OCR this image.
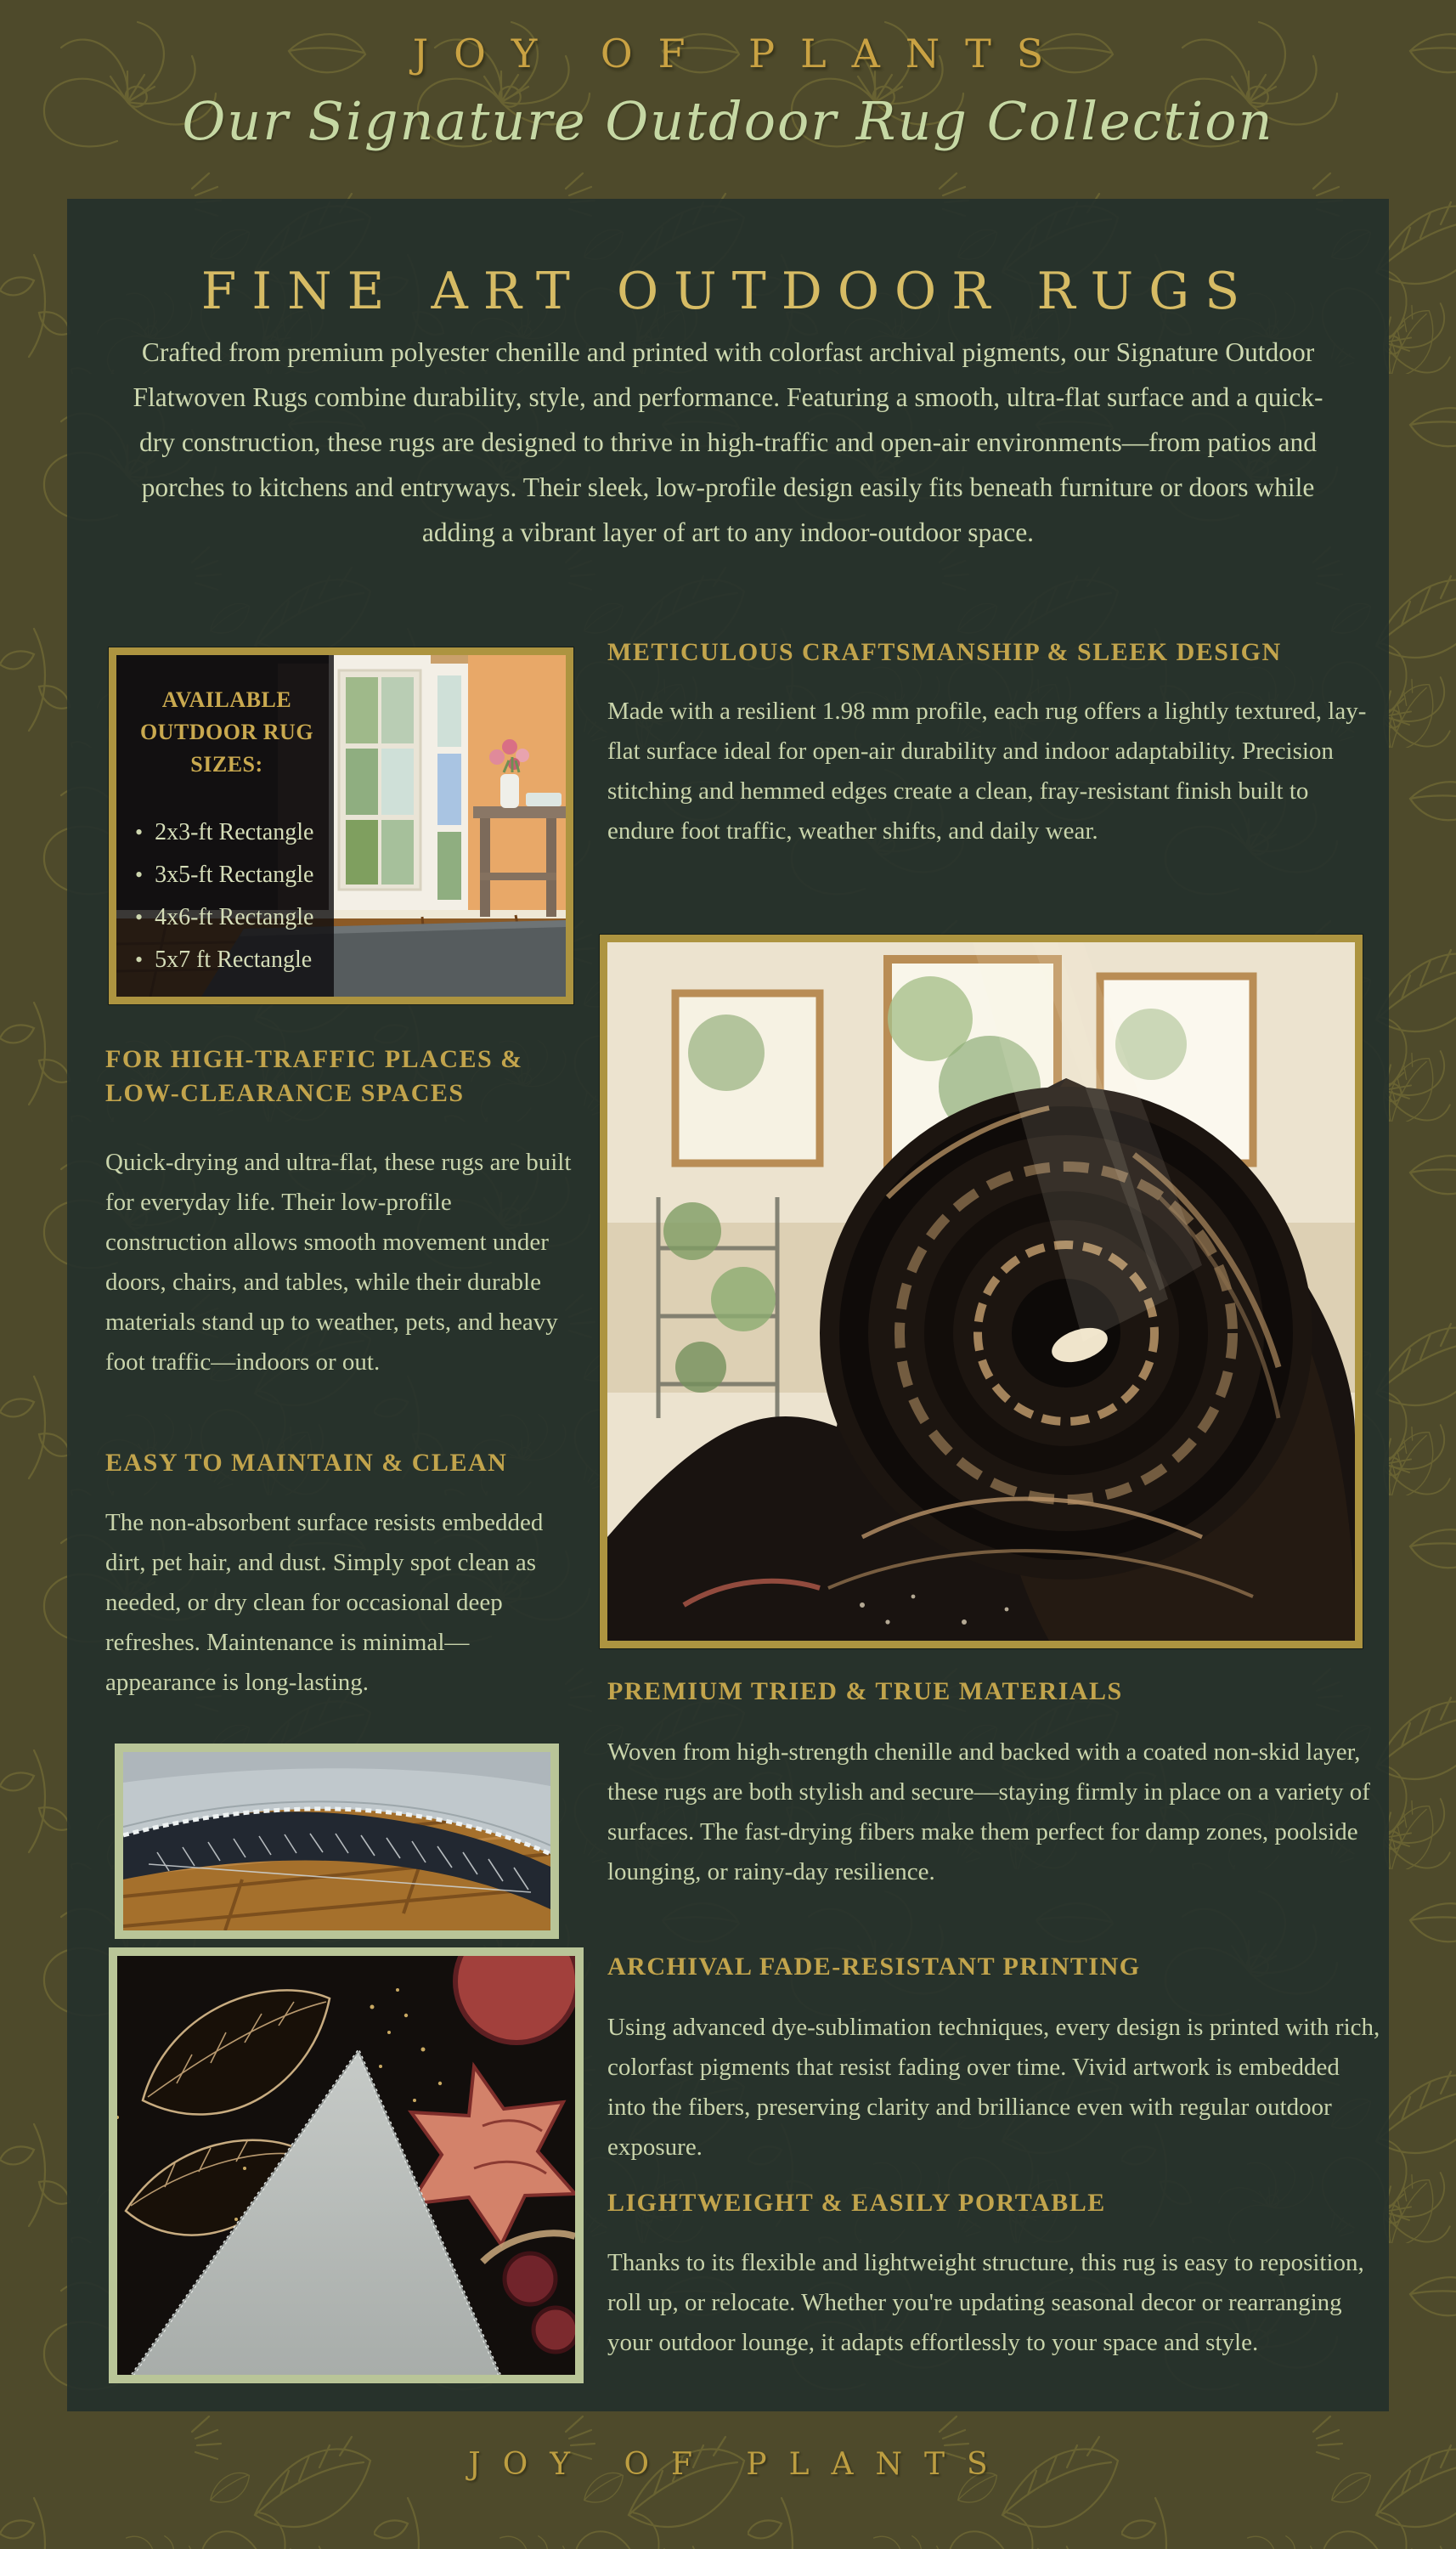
JOY OF PLANTS
Our Signature Outdoor Rug Collection
FINE ART OUTDOOR RUGS

Crafted from premium polyester chenille and printed with colorfast archival pigments, our Signature Outdoor Flatwoven Rugs combine durability, style, and performance. Featuring a smooth, ultra-flat surface and a quick-dry construction, these rugs are designed to thrive in high-traffic and open-air environments—from patios and porches to kitchens and entryways. Their sleek, low-profile design easily fits beneath furniture or doors while adding a vibrant layer of art to any indoor-outdoor space.

AVAILABLE OUTDOOR RUG SIZES:
• 2x3-ft Rectangle
• 3x5-ft Rectangle
• 4x6-ft Rectangle
• 5x7 ft Rectangle
METICULOUS CRAFTSMANSHIP & SLEEK DESIGN

Made with a resilient 1.98 mm profile, each rug offers a lightly textured, lay-flat surface ideal for open-air durability and indoor adaptability. Precision stitching and hemmed edges create a clean, fray-resistant finish built to endure foot traffic, weather shifts, and daily wear.

FOR HIGH-TRAFFIC PLACES & LOW-CLEARANCE SPACES

Quick-drying and ultra-flat, these rugs are built for everyday life. Their low-profile construction allows smooth movement under doors, chairs, and tables, while their durable materials stand up to weather, pets, and heavy foot traffic—indoors or out.

EASY TO MAINTAIN & CLEAN

The non-absorbent surface resists embedded dirt, pet hair, and dust. Simply spot clean as needed, or dry clean for occasional deep refreshes. Maintenance is minimal—appearance is long-lasting.	PREMIUM TRIED & TRUE MATERIALS

Woven from high-strength chenille and backed with a coated non-skid layer, these rugs are both stylish and secure—staying firmly in place on a variety of surfaces. The fast-drying fibers make them perfect for damp zones, poolside lounging, or rainy-day resilience.

ARCHIVAL FADE-RESISTANT PRINTING

Using advanced dye-sublimation techniques, every design is printed with rich, colorfast pigments that resist fading over time. Vivid artwork is embedded into the fibers, preserving clarity and brilliance even with regular outdoor exposure.

LIGHTWEIGHT & EASILY PORTABLE

Thanks to its flexible and lightweight structure, this rug is easy to reposition, roll up, or relocate. Whether you're updating seasonal decor or rearranging your outdoor lounge, it adapts effortlessly to your space and style.

JOY OF PLANTS
